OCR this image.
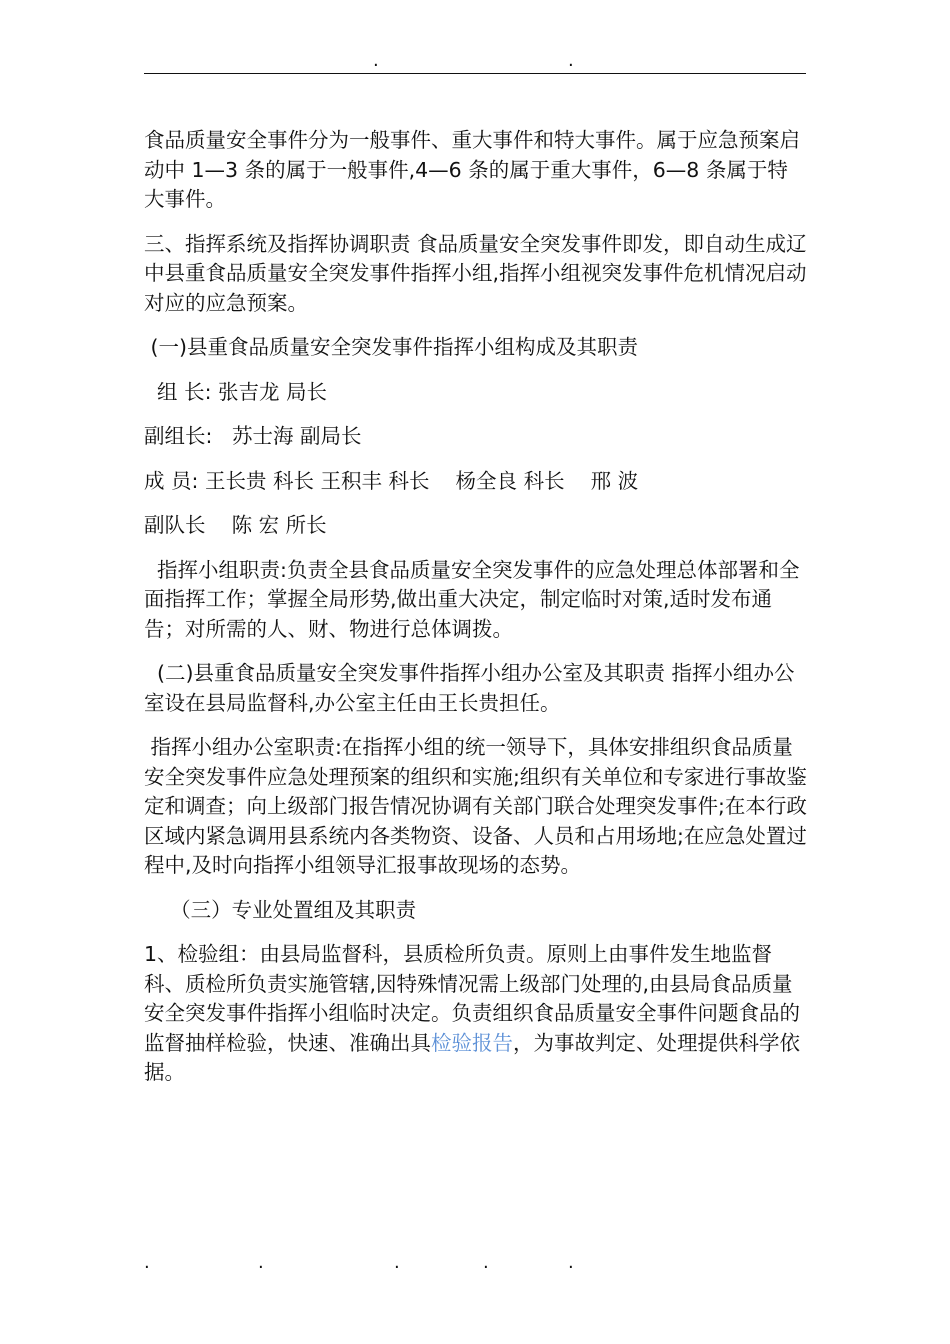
.	.

食品质量安全事件分为一般事件、重大事件和特大事件。属于应急预案启动中 1—3 条的属于一般事件,4—6 条的属于重大事件，6—8 条属于特大事件。

三、指挥系统及指挥协调职责 食品质量安全突发事件即发，即自动生成辽中县重食品质量安全突发事件指挥小组,指挥小组视突发事件危机情况启动对应的应急预案。

(一)县重食品质量安全突发事件指挥小组构成及其职责

组 长: 张吉龙 局长

副组长:   苏士海 副局长

成 员: 王长贵 科长 王积丰 科长    杨全良 科长    邢 波

副队长    陈 宏 所长

指挥小组职责:负责全县食品质量安全突发事件的应急处理总体部署和全面指挥工作；掌握全局形势,做出重大决定，制定临时对策,适时发布通告；对所需的人、财、物进行总体调拨。

(二)县重食品质量安全突发事件指挥小组办公室及其职责 指挥小组办公室设在县局监督科,办公室主任由王长贵担任。

指挥小组办公室职责:在指挥小组的统一领导下，具体安排组织食品质量安全突发事件应急处理预案的组织和实施;组织有关单位和专家进行事故鉴定和调查；向上级部门报告情况协调有关部门联合处理突发事件;在本行政区域内紧急调用县系统内各类物资、设备、人员和占用场地;在应急处置过程中,及时向指挥小组领导汇报事故现场的态势。

（三）专业处置组及其职责

1、检验组：由县局监督科，县质检所负责。原则上由事件发生地监督科、质检所负责实施管辖,因特殊情况需上级部门处理的,由县局食品质量安全突发事件指挥小组临时决定。负责组织食品质量安全事件问题食品的监督抽样检验，快速、准确出具检验报告，为事故判定、处理提供科学依据。

.	.	.	.	.
